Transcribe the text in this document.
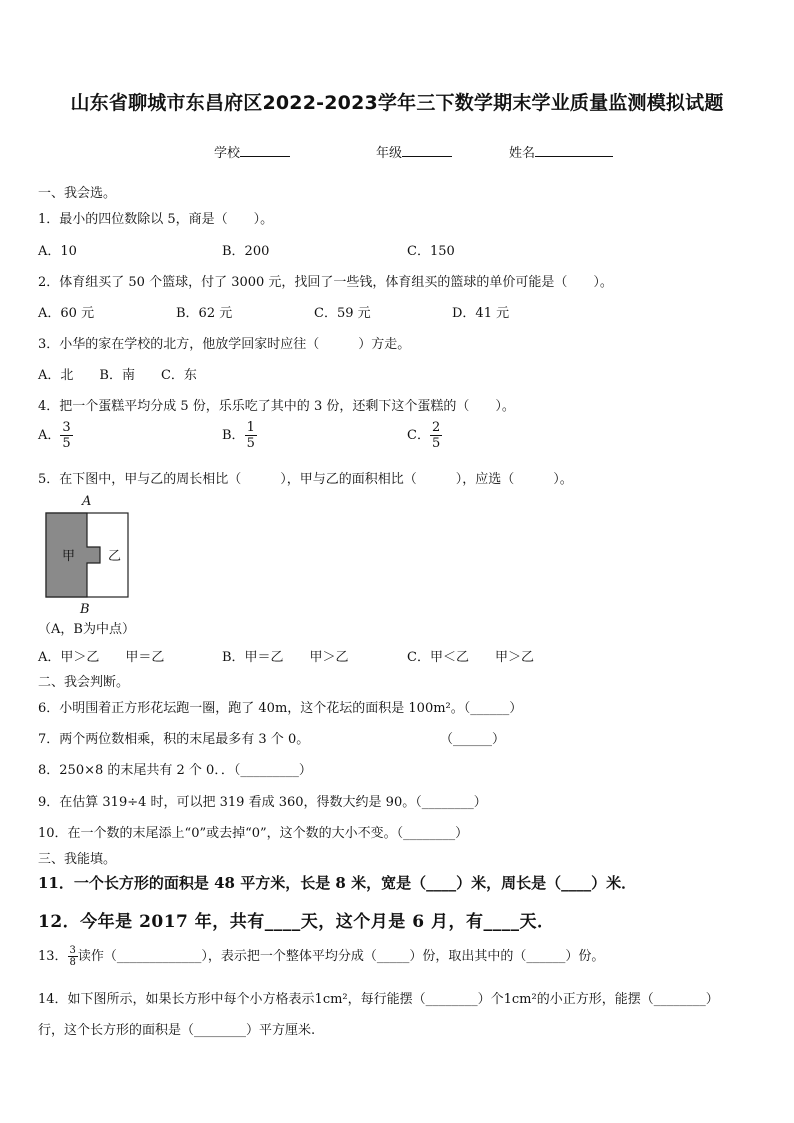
山东省聊城市东昌府区2022-2023学年三下数学期末学业质量监测模拟试题
学校	年级	姓名
一、我会选。
1．最小的四位数除以 5，商是（　　）。
A．10	B．200	C．150
2．体育组买了 50 个篮球，付了 3000 元，找回了一些钱，体育组买的篮球的单价可能是（　　）。
A．60 元	B．62 元	C．59 元	D．41 元
3．小华的家在学校的北方，他放学回家时应往（　　　）方走。
A．北　　B．南　　C．东
4．把一个蛋糕平均分成 5 份，乐乐吃了其中的 3 份，还剩下这个蛋糕的（　　）。
A． $\frac{3}{5}$	B． $\frac{1}{5}$	C． $\frac{2}{5}$
5．在下图中，甲与乙的周长相比（　　　），甲与乙的面积相比（　　　），应选（　　　）。
A
甲	乙
B
（A，B为中点）
A．甲＞乙　　甲＝乙	B．甲＝乙　　甲＞乙	C．甲＜乙　　甲＞乙
二、我会判断。
6．小明围着正方形花坛跑一圈，跑了 40m，这个花坛的面积是 100m²。（______）
7．两个两位数相乘，积的末尾最多有 3 个 0。	（______）
8．250×8 的末尾共有 2 个 0．．（_________）
9．在估算 319÷4 时，可以把 319 看成 360，得数大约是 90。（________）
10．在一个数的末尾添上“0”或去掉“0”，这个数的大小不变。（________）
三、我能填。
11．一个长方形的面积是 48 平方米，长是 8 米，宽是（____）米，周长是（____）米．
12．今年是 2017 年，共有____天，这个月是 6 月，有____天．
13． $\frac{3}{8}$ 读作（_____________），表示把一个整体平均分成（_____）份，取出其中的（______）份。
14．如下图所示，如果长方形中每个小方格表示1cm²，每行能摆（________）个1cm²的小正方形，能摆（________）
行，这个长方形的面积是（________）平方厘米.
